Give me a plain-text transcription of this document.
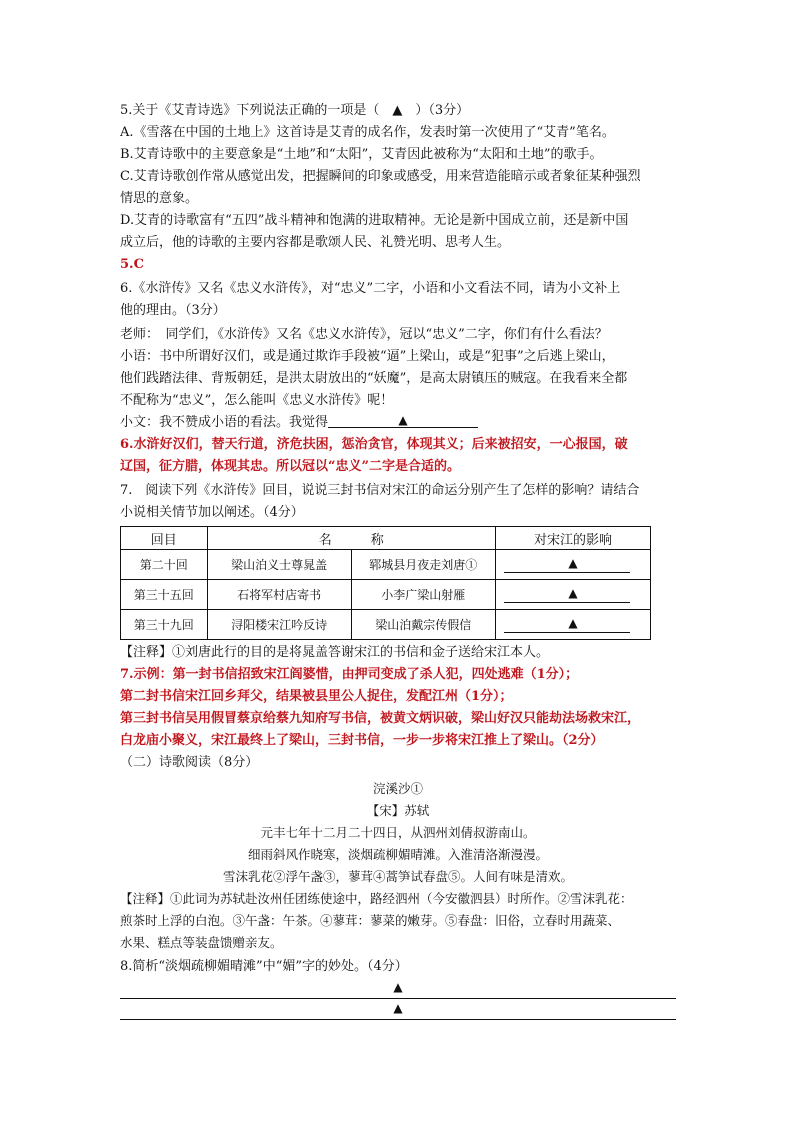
5.关于《艾青诗选》下列说法正确的一项是（　▲　）（3分）
A.《雪落在中国的土地上》这首诗是艾青的成名作，发表时第一次使用了“艾青”笔名。
B.艾青诗歌中的主要意象是“土地”和“太阳”，艾青因此被称为“太阳和土地”的歌手。
C.艾青诗歌创作常从感觉出发，把握瞬间的印象或感受，用来营造能暗示或者象征某种强烈
情思的意象。
D.艾青的诗歌富有“五四”战斗精神和饱满的进取精神。无论是新中国成立前，还是新中国
成立后，他的诗歌的主要内容都是歌颂人民、礼赞光明、思考人生。
5.C
6.《水浒传》又名《忠义水浒传》，对“忠义”二字，小语和小文看法不同，请为小文补上
他的理由。（3分）
老师：　同学们，《水浒传》又名《忠义水浒传》，冠以“忠义”二字，你们有什么看法？
小语：书中所谓好汉们，或是通过欺诈手段被“逼”上梁山，或是“犯事”之后逃上梁山，
他们践踏法律、背叛朝廷，是洪太尉放出的“妖魔”，是高太尉镇压的贼寇。在我看来全都
不配称为“忠义”，怎么能叫《忠义水浒传》呢！
小文：我不赞成小语的看法。我觉得	▲
6.水浒好汉们，替天行道，济危扶困，惩治贪官，体现其义；后来被招安，一心报国，破
辽国，征方腊，体现其忠。所以冠以“忠义”二字是合适的。
7.　阅读下列《水浒传》回目，说说三封书信对宋江的命运分别产生了怎样的影响？请结合
小说相关情节加以阐述。（4分）
回目	名　　　称		对宋江的影响
第二十回	梁山泊义士尊晁盖	郓城县月夜走刘唐①	▲

第三十五回	石将军村店寄书	小李广梁山射雁	▲

第三十九回	浔阳楼宋江吟反诗	梁山泊戴宗传假信	▲
【注释】①刘唐此行的目的是将晁盖答谢宋江的书信和金子送给宋江本人。
7.示例：第一封书信招致宋江阎婆惜，由押司变成了杀人犯，四处逃难（1分）；
第二封书信宋江回乡拜父，结果被县里公人捉住，发配江州（1分）；
第三封书信吴用假冒蔡京给蔡九知府写书信，被黄文炳识破，梁山好汉只能劫法场救宋江，
白龙庙小聚义，宋江最终上了梁山，三封书信，一步一步将宋江推上了梁山。（2分）
（二）诗歌阅读（8分）
浣溪沙①
【宋】苏轼
元丰七年十二月二十四日，从泗州刘倩叔游南山。
细雨斜风作晓寒，淡烟疏柳媚晴滩。入淮清洛渐漫漫。
雪沫乳花②浮午盏③，蓼茸④蒿笋试春盘⑤。人间有味是清欢。
【注释】①此词为苏轼赴汝州任团练使途中，路经泗州（今安徽泗县）时所作。②雪沫乳花：
煎茶时上浮的白泡。③午盏：午茶。④蓼茸：蓼菜的嫩芽。⑤春盘：旧俗，立春时用蔬菜、
水果、糕点等装盘馈赠亲友。
8.简析“淡烟疏柳媚晴滩”中“媚”字的妙处。（4分）
▲
▲
